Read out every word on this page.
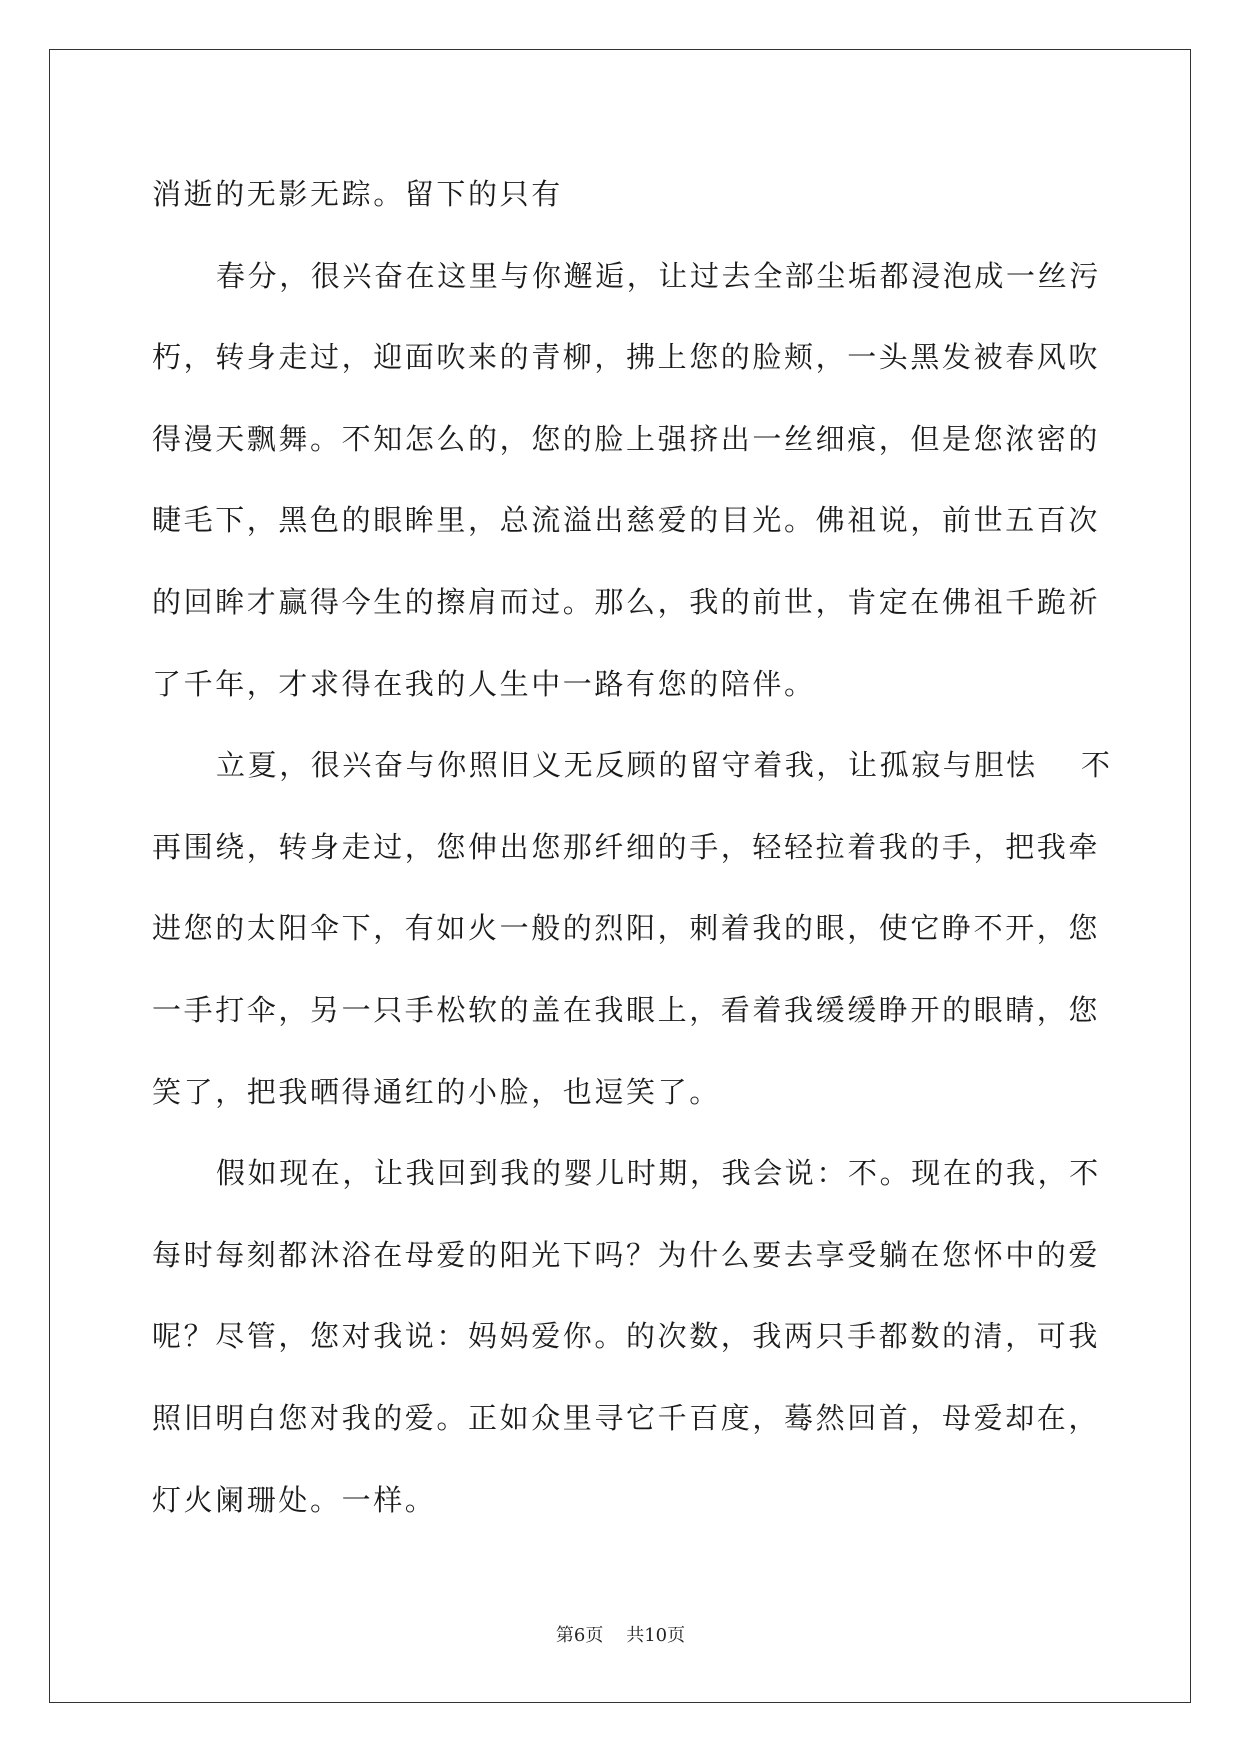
消逝的无影无踪。留下的只有
春分，很兴奋在这里与你邂逅，让过去全部尘垢都浸泡成一丝污
朽，转身走过，迎面吹来的青柳，拂上您的脸颊，一头黑发被春风吹
得漫天飘舞。不知怎么的，您的脸上强挤出一丝细痕，但是您浓密的
睫毛下，黑色的眼眸里，总流溢出慈爱的目光。佛祖说，前世五百次
的回眸才赢得今生的擦肩而过。那么，我的前世，肯定在佛祖千跪祈
了千年，才求得在我的人生中一路有您的陪伴。
立夏，很兴奋与你照旧义无反顾的留守着我，让孤寂与胆怯　 不
再围绕，转身走过，您伸出您那纤细的手，轻轻拉着我的手，把我牵
进您的太阳伞下，有如火一般的烈阳，刺着我的眼，使它睁不开，您
一手打伞，另一只手松软的盖在我眼上，看着我缓缓睁开的眼睛，您
笑了，把我晒得通红的小脸，也逗笑了。
假如现在，让我回到我的婴儿时期，我会说：不。现在的我，不
每时每刻都沐浴在母爱的阳光下吗？为什么要去享受躺在您怀中的爱
呢？尽管，您对我说：妈妈爱你。的次数，我两只手都数的清，可我
照旧明白您对我的爱。正如众里寻它千百度，蓦然回首，母爱却在，
灯火阑珊处。一样。
第6页 共10页
